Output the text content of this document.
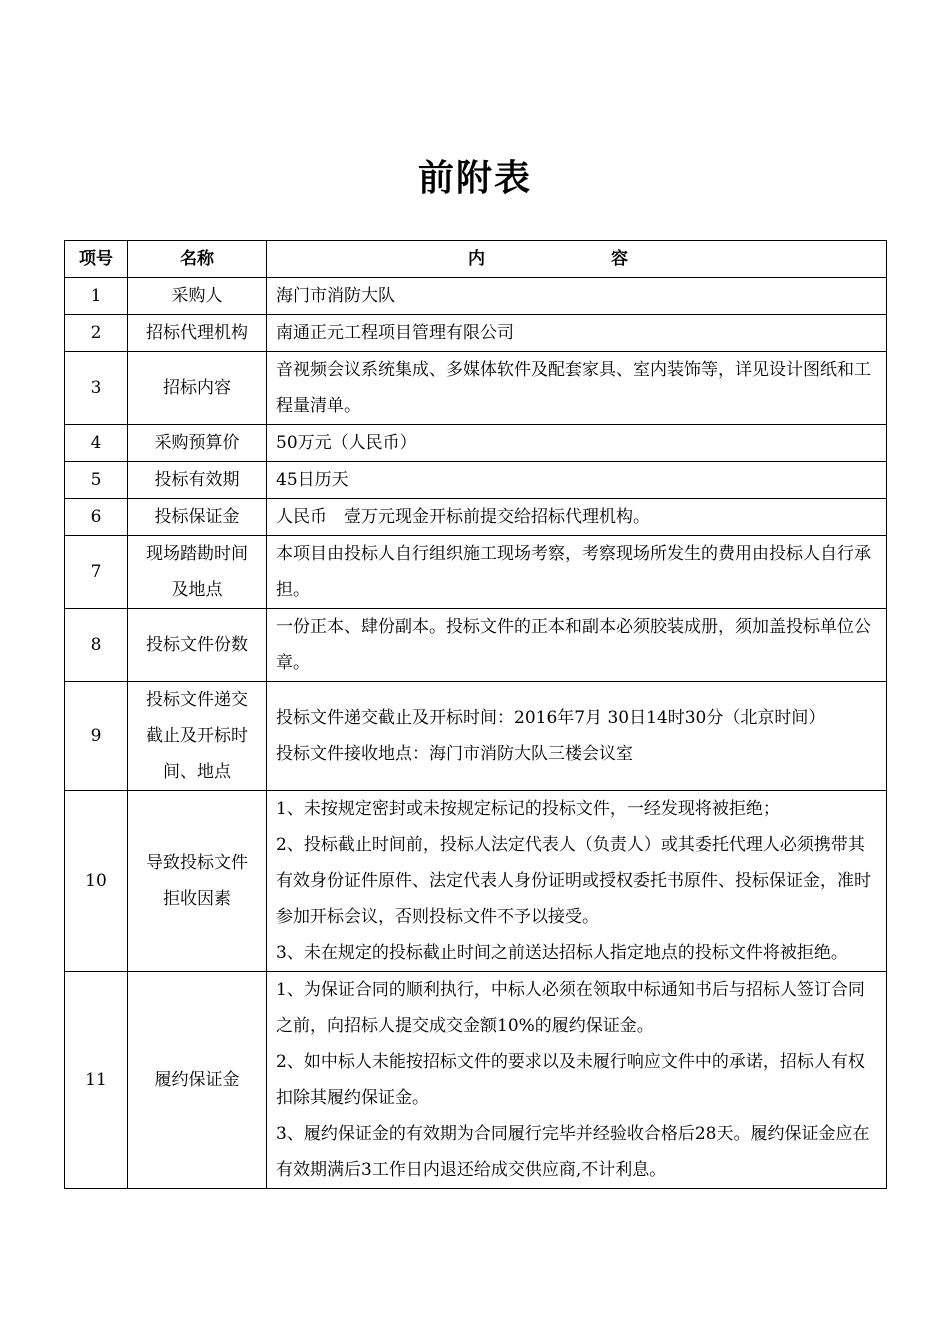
前附表
项号	名称	内 容
1	采购人	海门市消防大队

2	招标代理机构	南通正元工程项目管理有限公司

3	招标内容	音视频会议系统集成、多媒体软件及配套家具、室内装饰等，详见设计图纸和工程量清单。

4	采购预算价	50万元（人民币）

5	投标有效期	45日历天

6	投标保证金	人民币　壹万元现金开标前提交给招标代理机构。

7	现场踏勘时间
及地点	本项目由投标人自行组织施工现场考察，考察现场所发生的费用由投标人自行承担。

8	投标文件份数	一份正本、肆份副本。投标文件的正本和副本必须胶装成册，须加盖投标单位公章。

9	投标文件递交
截止及开标时
间、地点	投标文件递交截止及开标时间：2016年7月 30日14时30分（北京时间）
投标文件接收地点：海门市消防大队三楼会议室

10	导致投标文件
拒收因素	1、未按规定密封或未按规定标记的投标文件，一经发现将被拒绝；
2、投标截止时间前，投标人法定代表人（负责人）或其委托代理人必须携带其有效身份证件原件、法定代表人身份证明或授权委托书原件、投标保证金，准时参加开标会议，否则投标文件不予以接受。
3、未在规定的投标截止时间之前送达招标人指定地点的投标文件将被拒绝。

11	履约保证金	1、为保证合同的顺利执行，中标人必须在领取中标通知书后与招标人签订合同之前，向招标人提交成交金额10%的履约保证金。
2、如中标人未能按招标文件的要求以及未履行响应文件中的承诺，招标人有权扣除其履约保证金。
3、履约保证金的有效期为合同履行完毕并经验收合格后28天。履约保证金应在有效期满后3工作日内退还给成交供应商,不计利息。
